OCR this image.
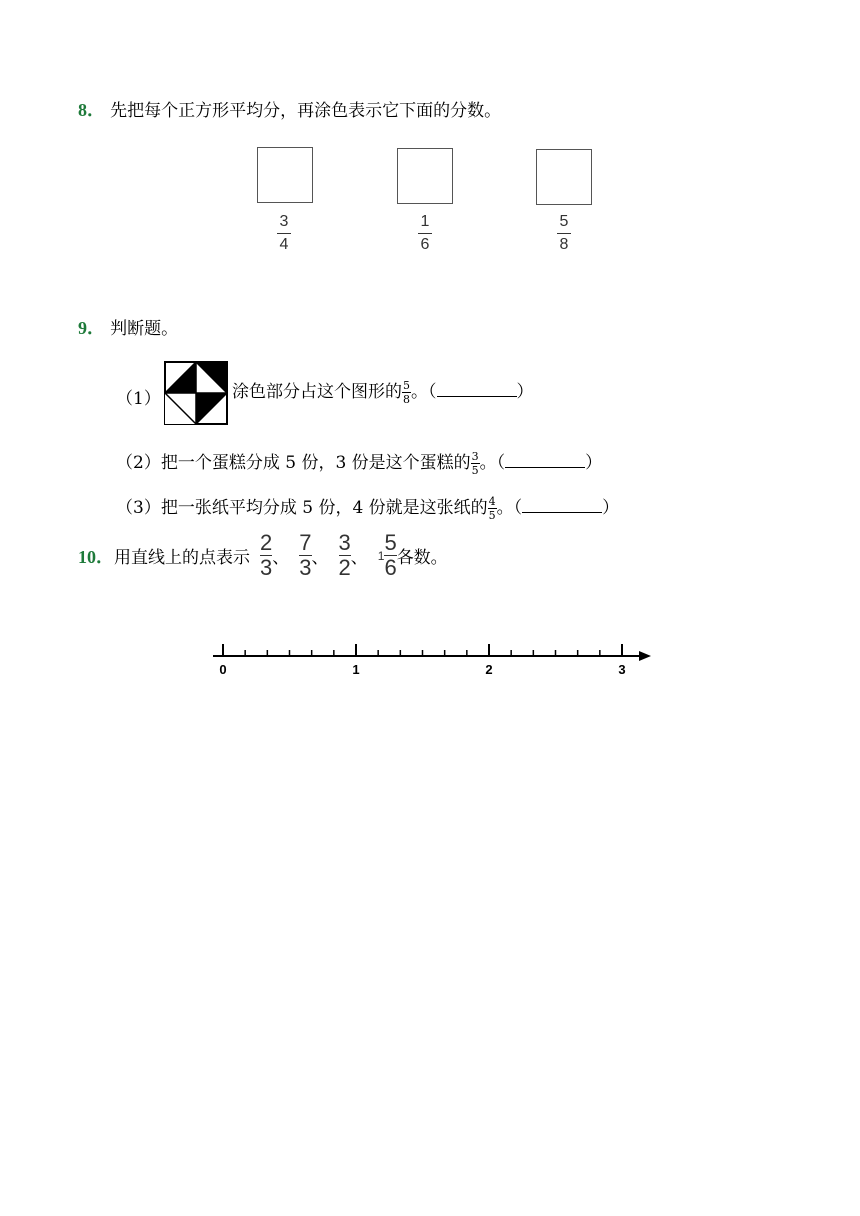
8． 先把每个正方形平均分，再涂色表示它下面的分数。
3
4
1
6
5
8
9． 判断题。
（1）	涂色部分占这个图形的 $\frac{5}{8}$ 。（	）
（2）把一个蛋糕分成 5 份，3 份是这个蛋糕的 $\frac{3}{5}$ 。（	）
（3）把一张纸平均分成 5 份，4 份就是这张纸的 $\frac{4}{5}$ 。（	）
10． 用直线上的点表示 $\frac{2}{3}$ 、 $\frac{7}{3}$ 、 $\frac{3}{2}$ 、 $1 \frac{5}{6}$ 各数。
0	1	2	3
